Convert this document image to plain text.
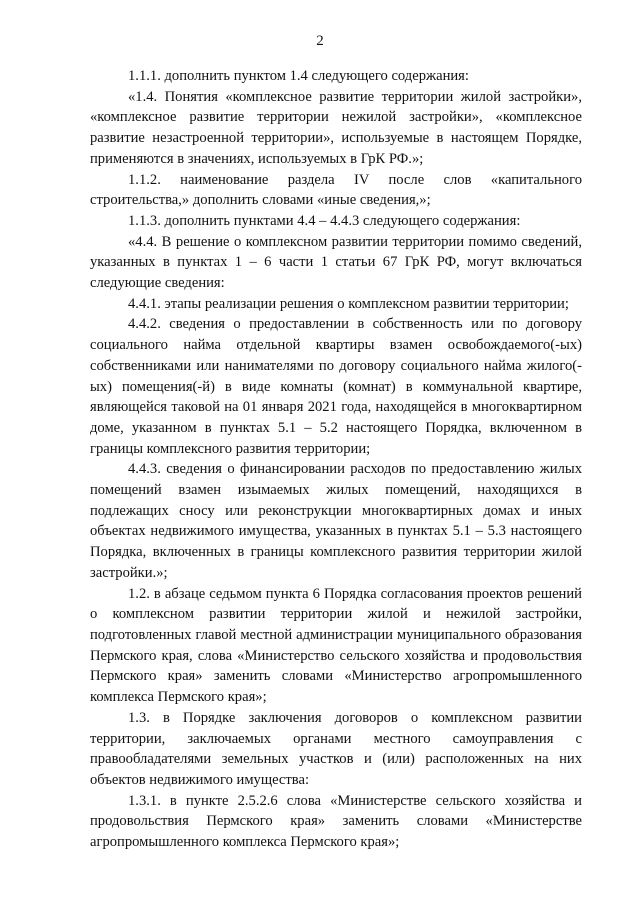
2

1.1.1. дополнить пунктом 1.4 следующего содержания:

«1.4. Понятия «комплексное развитие территории жилой застройки», «комплексное развитие территории нежилой застройки», «комплексное развитие незастроенной территории», используемые в настоящем Порядке, применяются в значениях, используемых в ГрК РФ.»;

1.1.2. наименование раздела IV после слов «капитального строительства,» дополнить словами «иные сведения,»;

1.1.3. дополнить пунктами 4.4 – 4.4.3 следующего содержания:

«4.4. В решение о комплексном развитии территории помимо сведений, указанных в пунктах 1 – 6 части 1 статьи 67 ГрК РФ, могут включаться следующие сведения:

4.4.1. этапы реализации решения о комплексном развитии территории;

4.4.2. сведения о предоставлении в собственность или по договору социального найма отдельной квартиры взамен освобождаемого(-ых) собственниками или нанимателями по договору социального найма жилого(-ых) помещения(-й) в виде комнаты (комнат) в коммунальной квартире, являющейся таковой на 01 января 2021 года, находящейся в многоквартирном доме, указанном в пунктах 5.1 – 5.2 настоящего Порядка, включенном в границы комплексного развития территории;

4.4.3. сведения о финансировании расходов по предоставлению жилых помещений взамен изымаемых жилых помещений, находящихся в подлежащих сносу или реконструкции многоквартирных домах и иных объектах недвижимого имущества, указанных в пунктах 5.1 – 5.3 настоящего Порядка, включенных в границы комплексного развития территории жилой застройки.»;

1.2. в абзаце седьмом пункта 6 Порядка согласования проектов решений о комплексном развитии территории жилой и нежилой застройки, подготовленных главой местной администрации муниципального образования Пермского края, слова «Министерство сельского хозяйства и продовольствия Пермского края» заменить словами «Министерство агропромышленного комплекса Пермского края»;

1.3. в Порядке заключения договоров о комплексном развитии территории, заключаемых органами местного самоуправления с правообладателями земельных участков и (или) расположенных на них объектов недвижимого имущества:

1.3.1. в пункте 2.5.2.6 слова «Министерстве сельского хозяйства и продовольствия Пермского края» заменить словами «Министерстве агропромышленного комплекса Пермского края»;
